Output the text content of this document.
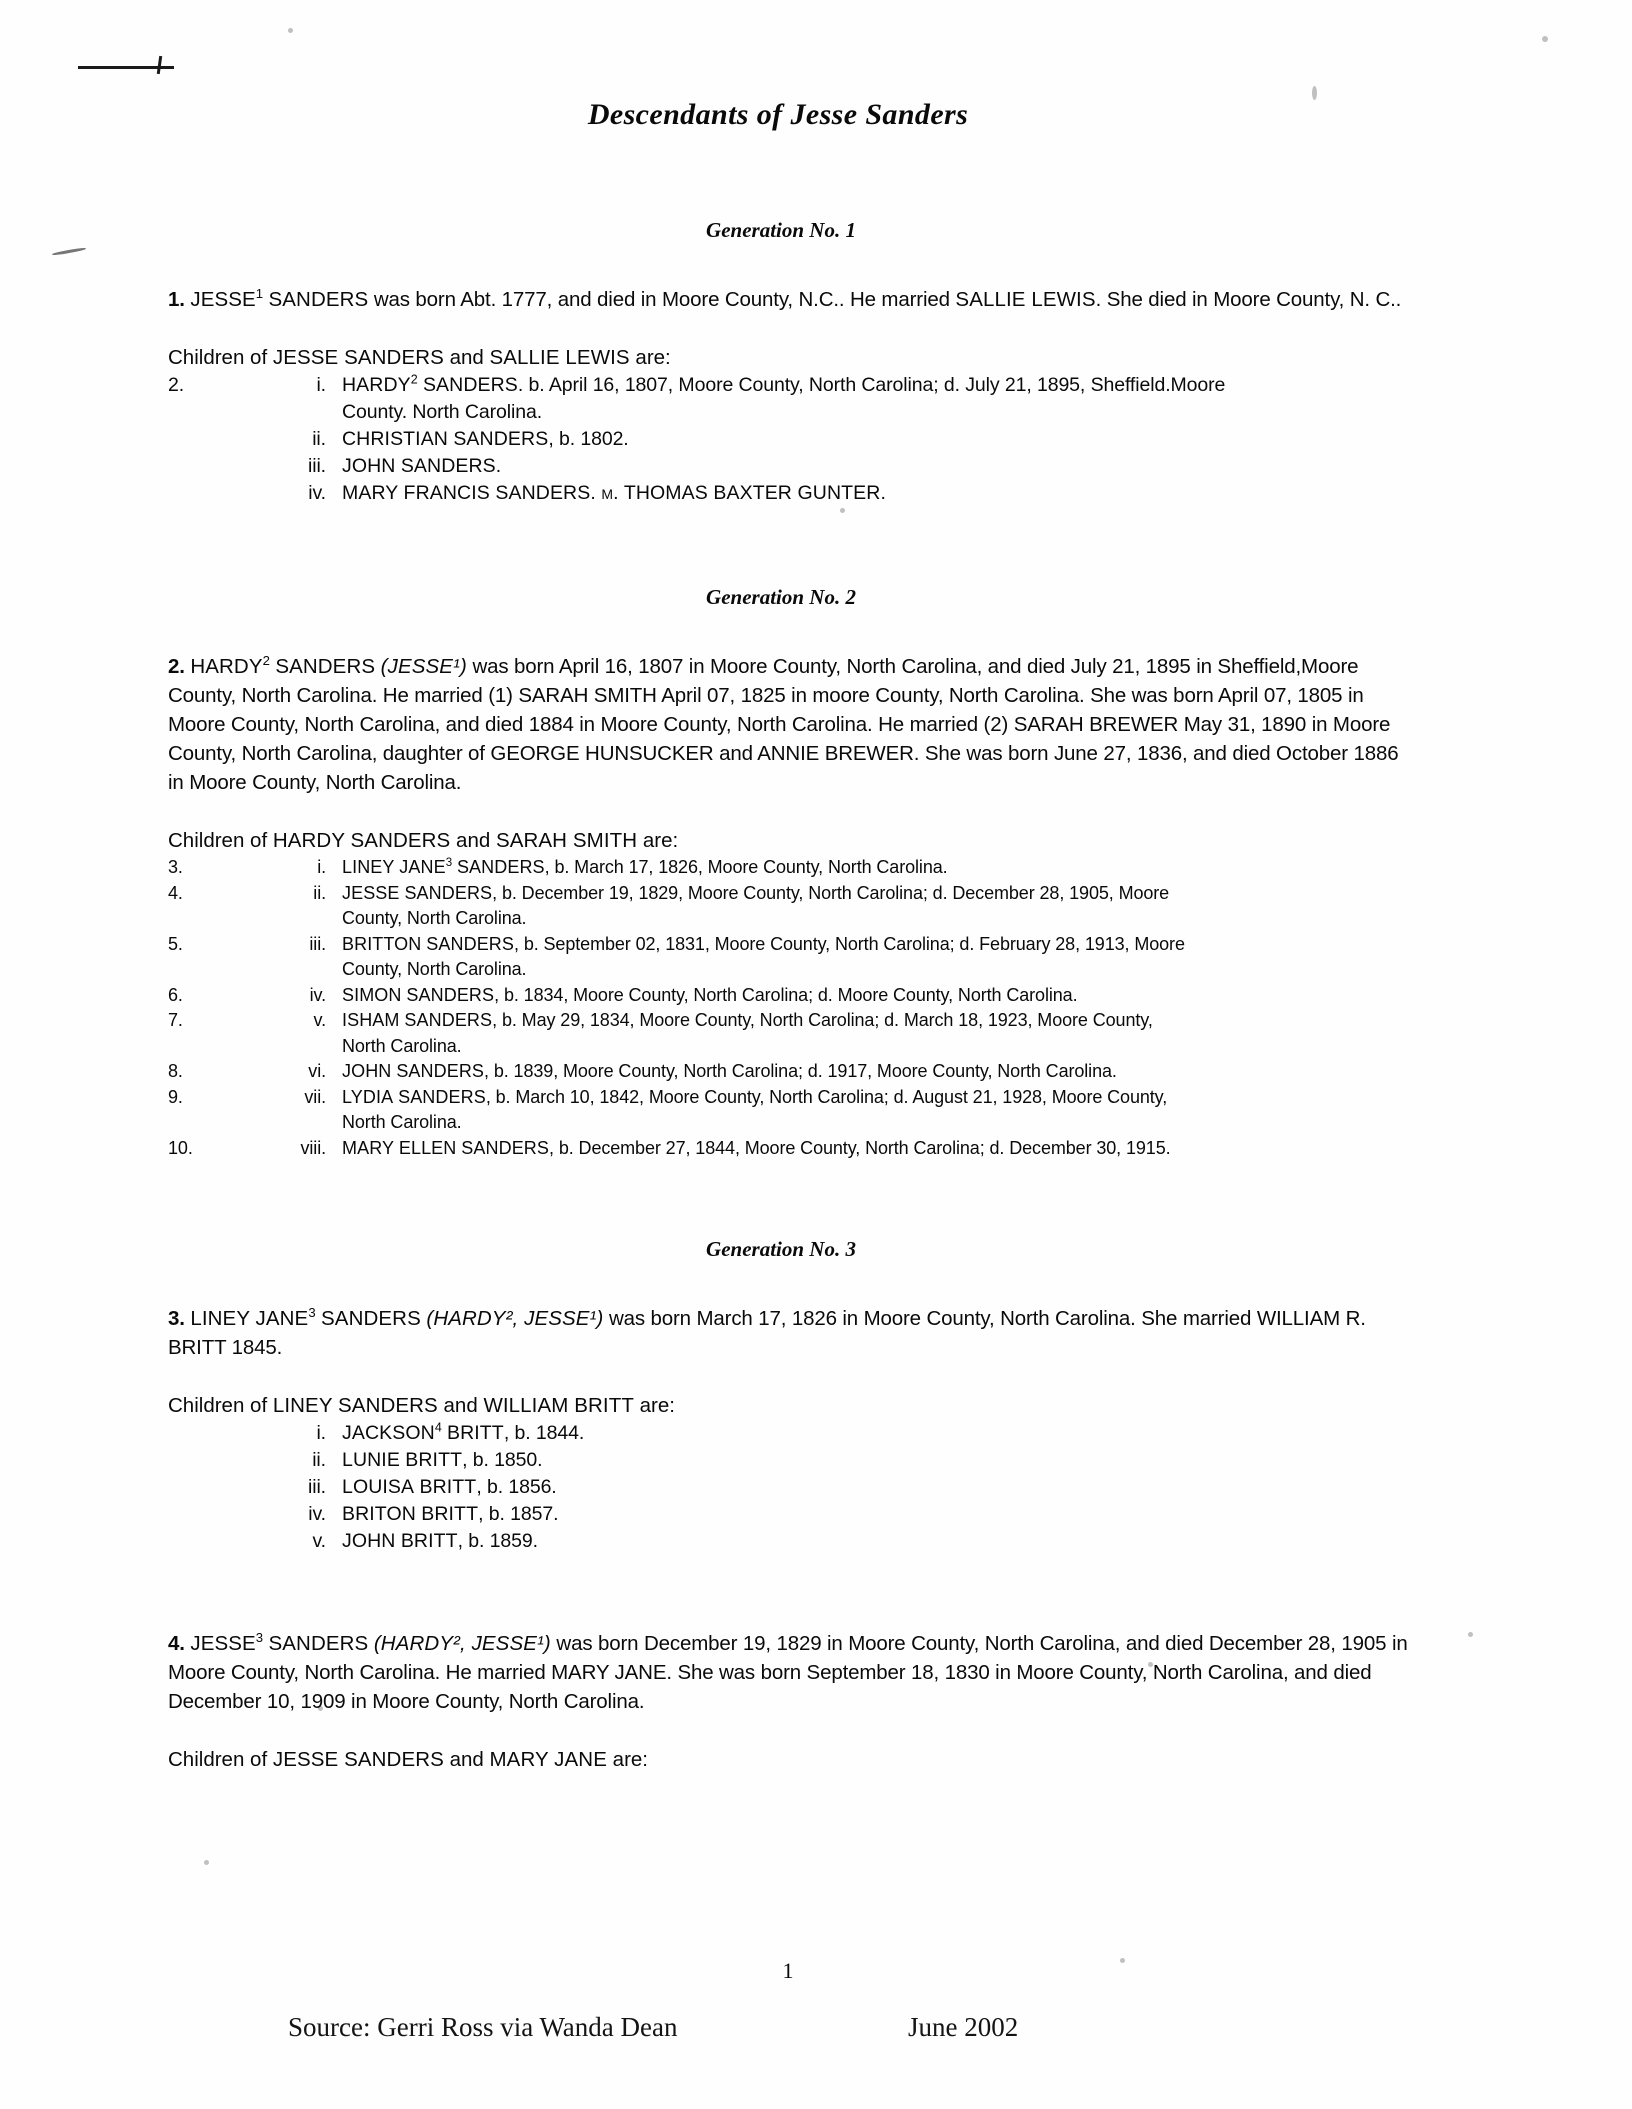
Descendants of Jesse Sanders
Generation No. 1

1. JESSE$^1$ SANDERS was born Abt. 1777, and died in Moore County, N.C.. He married SALLIE LEWIS. She died in Moore County, N. C..

Children of JESSE SANDERS and SALLIE LEWIS are:

2.	i. HARDY$^2$ SANDERS. b. April 16, 1807, Moore County, North Carolina; d. July 21, 1895, Sheffield.Moore
County. North Carolina.
ii. CHRISTIAN SANDERS, b. 1802.
iii. JOHN SANDERS.
iv. MARY FRANCIS SANDERS. m. THOMAS BAXTER GUNTER.
Generation No. 2

2. HARDY$^2$ SANDERS (JESSE¹) was born April 16, 1807 in Moore County, North Carolina, and died July 21, 1895 in Sheffield,Moore County, North Carolina. He married (1) SARAH SMITH April 07, 1825 in moore County, North Carolina. She was born April 07, 1805 in Moore County, North Carolina, and died 1884 in Moore County, North Carolina. He married (2) SARAH BREWER May 31, 1890 in Moore County, North Carolina, daughter of GEORGE HUNSUCKER and ANNIE BREWER. She was born June 27, 1836, and died October 1886 in Moore County, North Carolina.

Children of HARDY SANDERS and SARAH SMITH are:

3.	i. LINEY JANE$^3$ SANDERS, b. March 17, 1826, Moore County, North Carolina.
4.	ii. JESSE SANDERS, b. December 19, 1829, Moore County, North Carolina; d. December 28, 1905, Moore
County, North Carolina.
5.	iii. BRITTON SANDERS, b. September 02, 1831, Moore County, North Carolina; d. February 28, 1913, Moore
County, North Carolina.
6.	iv. SIMON SANDERS, b. 1834, Moore County, North Carolina; d. Moore County, North Carolina.
7.	v. ISHAM SANDERS, b. May 29, 1834, Moore County, North Carolina; d. March 18, 1923, Moore County,
North Carolina.
8.	vi. JOHN SANDERS, b. 1839, Moore County, North Carolina; d. 1917, Moore County, North Carolina.
9.	vii. LYDIA SANDERS, b. March 10, 1842, Moore County, North Carolina; d. August 21, 1928, Moore County,
North Carolina.
10.	viii. MARY ELLEN SANDERS, b. December 27, 1844, Moore County, North Carolina; d. December 30, 1915.
Generation No. 3

3. LINEY JANE$^3$ SANDERS (HARDY², JESSE¹) was born March 17, 1826 in Moore County, North Carolina. She married WILLIAM R. BRITT 1845.

Children of LINEY SANDERS and WILLIAM BRITT are:

i. JACKSON$^4$ BRITT, b. 1844.
ii. LUNIE BRITT, b. 1850.
iii. LOUISA BRITT, b. 1856.
iv. BRITON BRITT, b. 1857.
v. JOHN BRITT, b. 1859.

4. JESSE$^3$ SANDERS (HARDY², JESSE¹) was born December 19, 1829 in Moore County, North Carolina, and died December 28, 1905 in Moore County, North Carolina. He married MARY JANE. She was born September 18, 1830 in Moore County, North Carolina, and died December 10, 1909 in Moore County, North Carolina.

Children of JESSE SANDERS and MARY JANE are:

1
Source: Gerri Ross via Wanda Dean	June 2002
